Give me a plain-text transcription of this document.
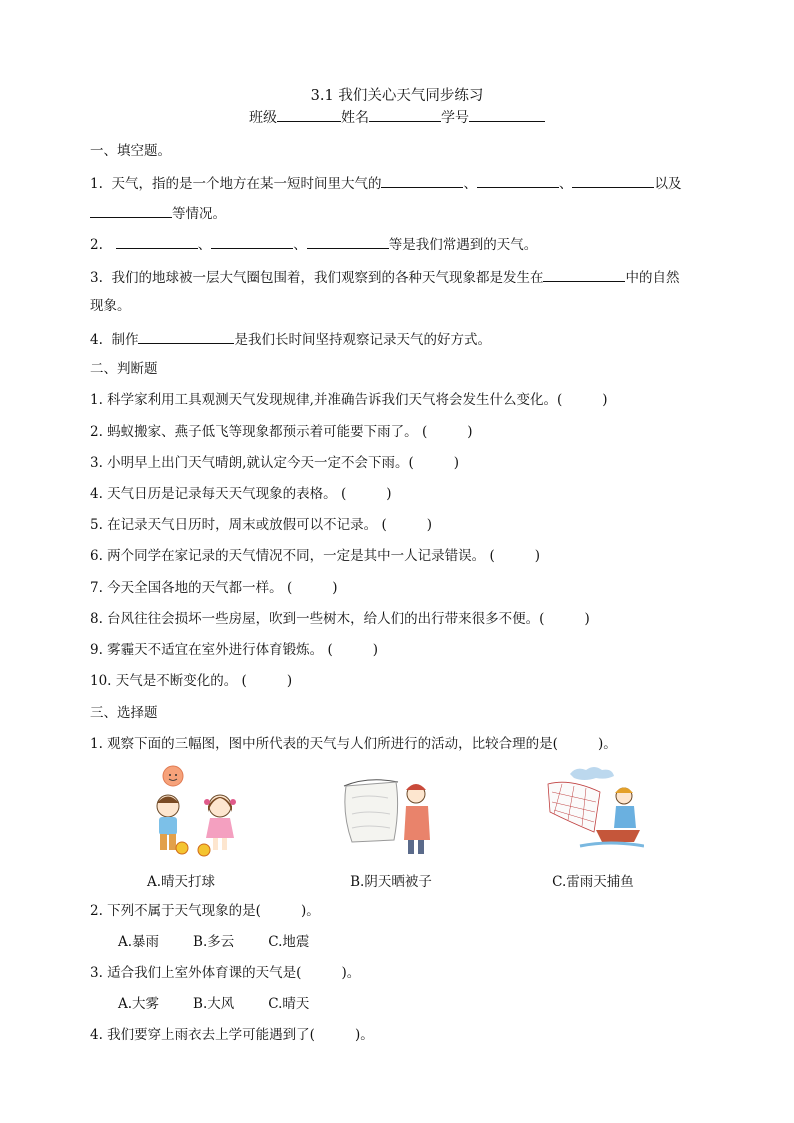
3.1 我们关心天气同步练习
班级	姓名	学号
一、填空题。
1. 天气，指的是一个地方在某一短时间里大气的	、	、	以及
等情况。
2.	、	、	等是我们常遇到的天气。
3. 我们的地球被一层大气圈包围着，我们观察到的各种天气现象都是发生在	中的自然
现象。
4. 制作	是我们长时间坚持观察记录天气的好方式。
二、判断题
1. 科学家利用工具观测天气发现规律,并准确告诉我们天气将会发生什么变化。(	)
2. 蚂蚁搬家、燕子低飞等现象都预示着可能要下雨了。 (	)
3. 小明早上出门天气晴朗,就认定今天一定不会下雨。(	)
4. 天气日历是记录每天天气现象的表格。 (	)
5. 在记录天气日历时，周末或放假可以不记录。 (	)
6. 两个同学在家记录的天气情况不同，一定是其中一人记录错误。 (	)
7. 今天全国各地的天气都一样。 (	)
8. 台风往往会损坏一些房屋，吹到一些树木，给人们的出行带来很多不便。(	)
9. 雾霾天不适宜在室外进行体育锻炼。 (	)
10. 天气是不断变化的。 (	)
三、选择题
1. 观察下面的三幅图，图中所代表的天气与人们所进行的活动，比较合理的是(	)。
A.晴天打球	B.阴天晒被子	C.雷雨天捕鱼
2. 下列不属于天气现象的是(	)。
A.暴雨	B.多云	C.地震
3. 适合我们上室外体育课的天气是(	)。
A.大雾	B.大风	C.晴天
4. 我们要穿上雨衣去上学可能遇到了(	)。
